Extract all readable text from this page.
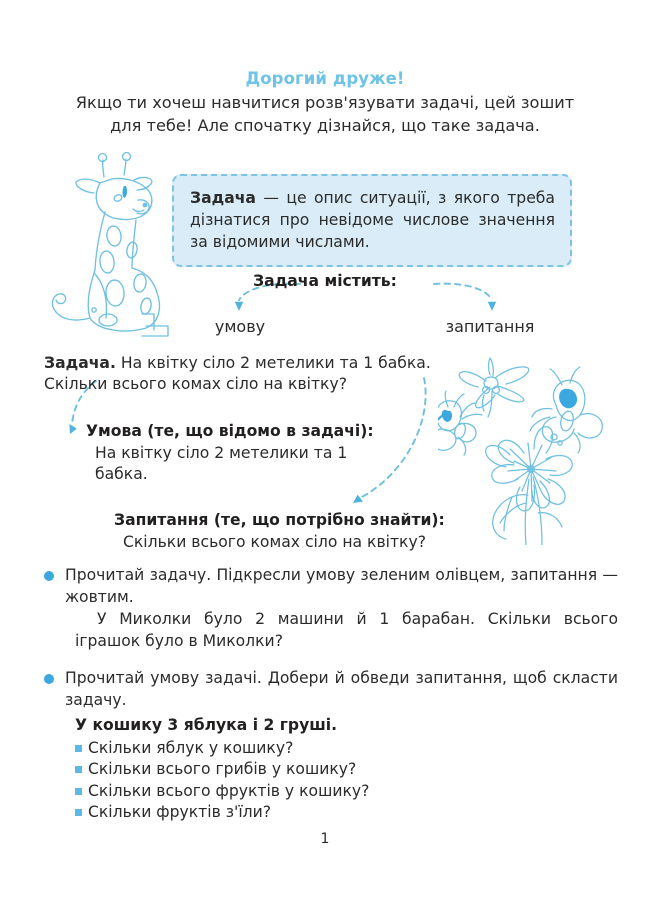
Дорогий друже!
Якщо ти хочеш навчитися розв'язувати задачі, цей зошит для тебе! Але спочатку дізнайся, що таке задача.
Задача — це опис ситуації, з якого треба дізнатися про невідоме числове значення за відомими числами.
Задача містить:
умову	запитання
Задача. На квітку сіло 2 метелики та 1 бабка. Скільки всього комах сіло на квітку?
Умова (те, що відомо в задачі):
На квітку сіло 2 метелики та 1 бабка.
Запитання (те, що потрібно знайти):
Скільки всього комах сіло на квітку?
Прочитай задачу. Підкресли умову зеленим олівцем, запитання — жовтим.
У Миколки було 2 машини й 1 барабан. Скільки всього іграшок було в Миколки?
Прочитай умову задачі. Добери й обведи запитання, щоб скласти задачу.
У кошику 3 яблука і 2 груші.
Скільки яблук у кошику?
Скільки всього грибів у кошику?
Скільки всього фруктів у кошику?
Скільки фруктів з'їли?
1
